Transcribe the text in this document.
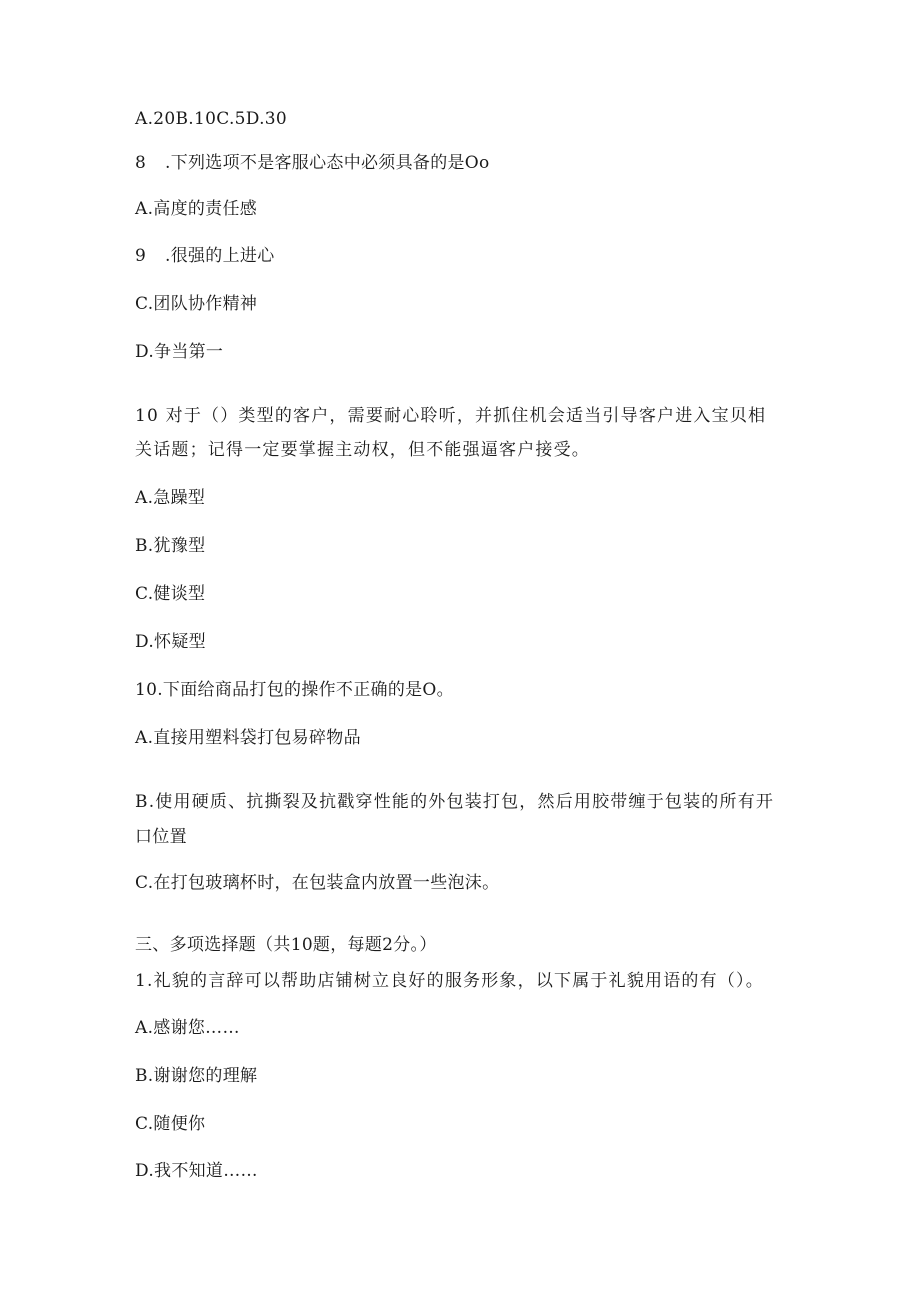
A.20B.10C.5D.30
8 .下列选项不是客服心态中必须具备的是Oo
A.高度的责任感
9 .很强的上进心
C.团队协作精神
D.争当第一
10 对于（）类型的客户，需要耐心聆听，并抓住机会适当引导客户进入宝贝相
关话题；记得一定要掌握主动权，但不能强逼客户接受。
A.急躁型
B.犹豫型
C.健谈型
D.怀疑型
10.下面给商品打包的操作不正确的是O。
A.直接用塑料袋打包易碎物品
B.使用硬质、抗撕裂及抗戳穿性能的外包装打包，然后用胶带缠于包装的所有开
口位置
C.在打包玻璃杯时，在包装盒内放置一些泡沫。
三、多项选择题（共10题，每题2分。）
1.礼貌的言辞可以帮助店铺树立良好的服务形象，以下属于礼貌用语的有（）。
A.感谢您……
B.谢谢您的理解
C.随便你
D.我不知道……
